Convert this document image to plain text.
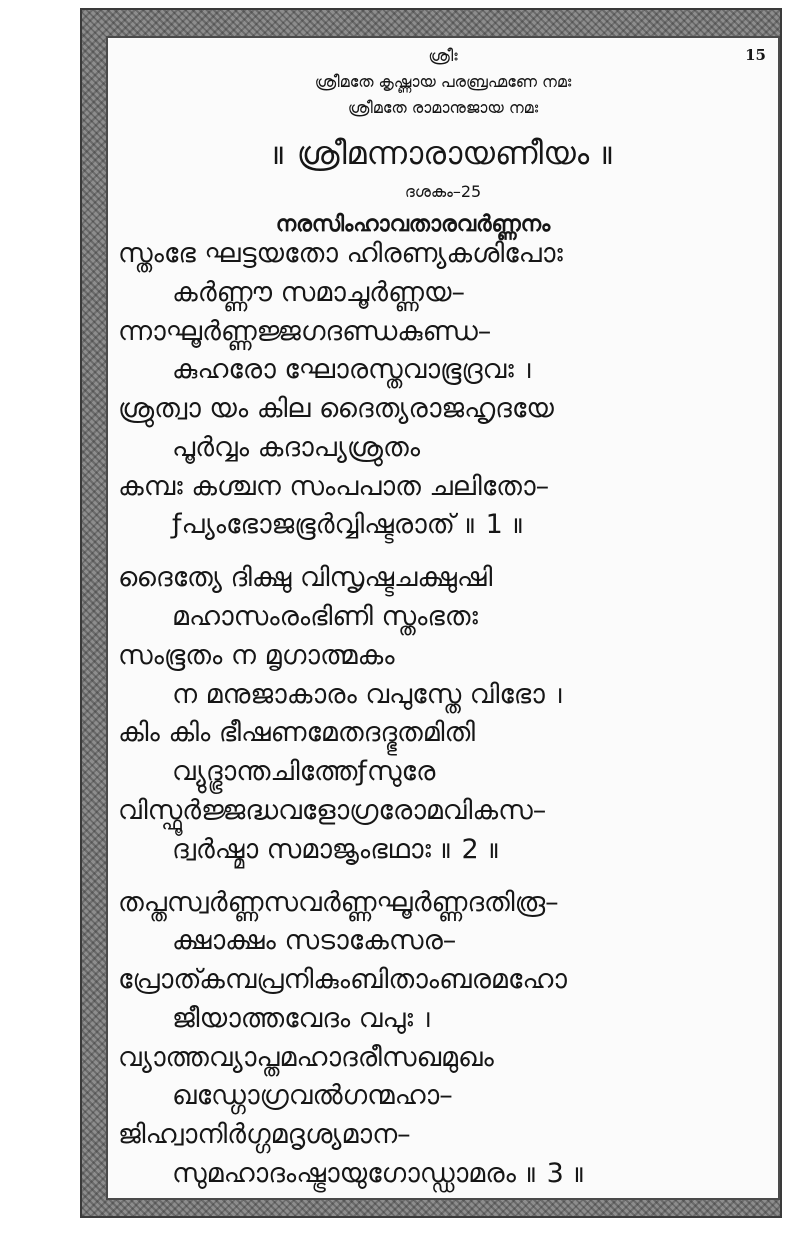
15
ശ്രീഃ
ശ്രീമതേ കൃഷ്ണായ പരബ്രഹ്മണേ നമഃ
ശ്രീമതേ രാമാനുജായ നമഃ
॥ ശ്രീമന്നാരായണീയം ॥
ദശകം–25
നരസിംഹാവതാരവർണ്ണനം
സ്തംഭേ ഘട്ടയതോ ഹിരണ്യകശിപോഃ
കർണ്ണൗ സമാചൂർണ്ണയ–
ന്നാഘൂർണ്ണജ്ജഗദണ്ഡകുണ്ഡ–
കുഹരോ ഘോരസ്തവാഭൂദ്രവഃ ।
ശ്രുത്വാ യം കില ദൈത്യരാജഹൃദയേ
പൂർവ്വം കദാപ്യശ്രുതം
കമ്പഃ കശ്ചന സംപപാത ചലിതോ–
ƒപ്യംഭോജഭൂർവ്വിഷ്ടരാത് ॥ 1 ॥
ദൈത്യേ ദിക്ഷു വിസൃഷ്ടചക്ഷുഷി
മഹാസംരംഭിണി സ്തംഭതഃ
സംഭൂതം ന മൃഗാത്മകം
ന മനുജാകാരം വപുസ്തേ വിഭോ ।
കിം കിം ഭീഷണമേതദദ്ഭുതമിതി
വ്യുദ്ഭ്രാന്തചിത്തേƒസുരേ
വിസ്ഫൂർജ്ജദ്ധവളോഗ്രരോമവികസ–
ദ്വർഷ്മാ സമാജൃംഭഥാഃ ॥ 2 ॥
തപ്തസ്വർണ്ണസവർണ്ണഘൂർണ്ണദതിരൂ–
ക്ഷാക്ഷം സടാകേസര–
പ്രോത്കമ്പപ്രനികുംബിതാംബരമഹോ
ജീയാത്തവേദം വപുഃ ।
വ്യാത്തവ്യാപ്തമഹാദരീസഖമുഖം
ഖഡ്ഗോഗ്രവൽഗന്മഹാ–
ജിഹ്വാനിർഗ്ഗമദൃശ്യമാന–
സുമഹാദംഷ്ട്രായുഗോഡ്ഡാമരം ॥ 3 ॥
